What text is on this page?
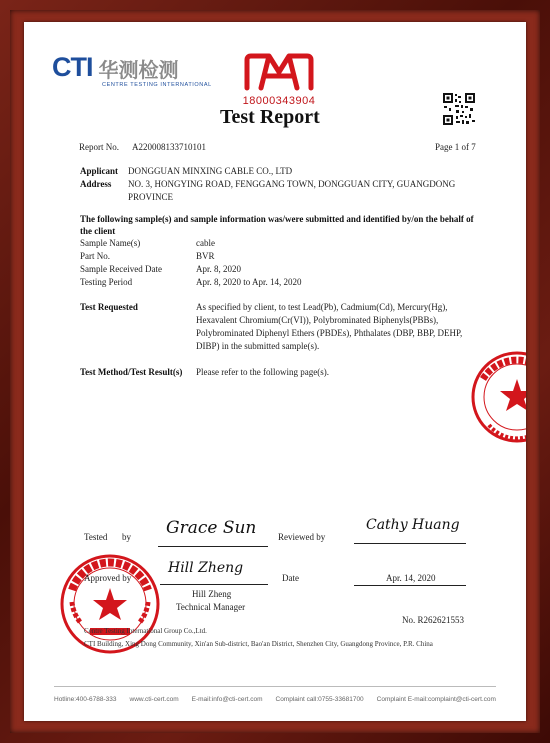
CTI 华测检测
CENTRE TESTING INTERNATIONAL
18000343904
Test Report
Report No. A220008133710101	Page 1 of 7
Applicant DONGGUAN MINXING CABLE CO., LTD
Address NO. 3, HONGYING ROAD, FENGGANG TOWN, DONGGUAN CITY, GUANGDONG
PROVINCE
The following sample(s) and sample information was/were submitted and identified by/on the behalf of
the client
Sample Name(s)	cable
Part No.	BVR
Sample Received Date	Apr. 8, 2020
Testing Period	Apr. 8, 2020 to Apr. 14, 2020
Test Requested	As specified by client, to test Lead(Pb), Cadmium(Cd), Mercury(Hg),
Hexavalent Chromium(Cr(VI)), Polybrominated Biphenyls(PBBs),
Polybrominated Diphenyl Ethers (PBDEs), Phthalates (DBP, BBP, DEHP,
DIBP) in the submitted sample(s).
Test Method/Test Result(s) Please refer to the following page(s).
Tested by Grace Sun Reviewed by
Cathy Huang
Approved by
Hill Zheng
Hill Zheng
Technical Manager
Date	Apr. 14, 2020
No. R262621553
Centre Testing International Group Co.,Ltd.
CTI Building, Xing Dong Community, Xin'an Sub-district, Bao'an District, Shenzhen City, Guangdong Province, P.R. China
Hotline:400-6788-333 www.cti-cert.com E-mail:info@cti-cert.com Complaint call:0755-33681700 Complaint E-mail:complaint@cti-cert.com
